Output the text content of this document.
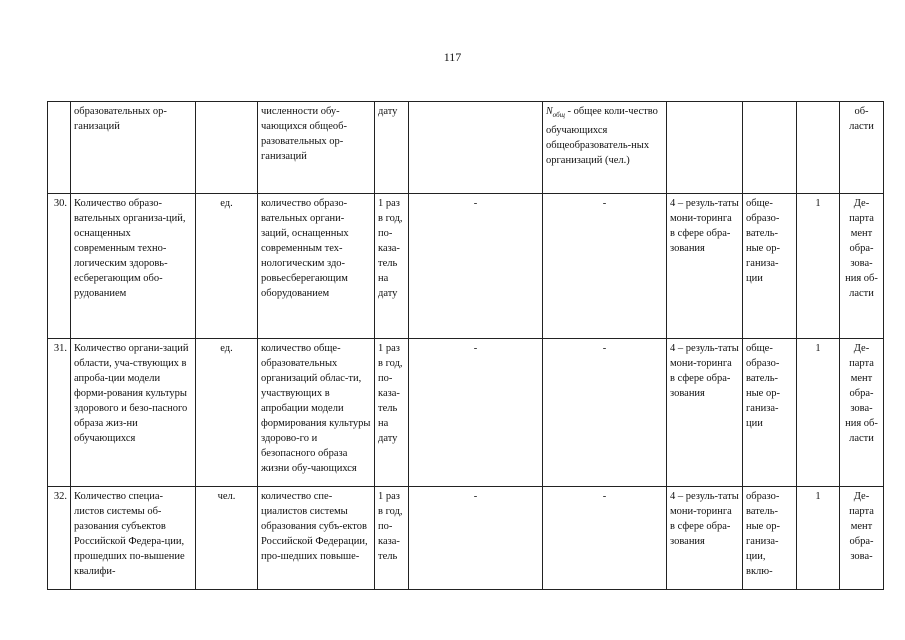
117
	образовательных ор-ганизаций		численности обу-чающихся общеоб-разовательных ор-ганизаций	дату		$N_{общ}$ - общее коли-чество обучающихся общеобразователь-ных организаций (чел.)				об-ласти
30.	Количество образо-вательных организа-ций, оснащенных современным техно-логическим здоровь-есберегающим обо-рудованием	ед.	количество образо-вательных органи-заций, оснащенных современным тех-нологическим здо-ровьесберегающим оборудованием	1 раз в год, по-каза-тель на дату	-	-	4 – резуль-таты мони-торинга в сфере обра-зования	обще-образо-ватель-ные ор-ганиза-ции	1	Де-парта мент обра-зова-ния об-ласти
31.	Количество органи-заций области, уча-ствующих в апроба-ции модели форми-рования культуры здорового и безо-пасного образа жиз-ни обучающихся	ед.	количество обще-образовательных организаций облас-ти, участвующих в апробации модели формирования культуры здорово-го и безопасного образа жизни обу-чающихся	1 раз в год, по-каза-тель на дату	-	-	4 – резуль-таты мони-торинга в сфере обра-зования	обще-образо-ватель-ные ор-ганиза-ции	1	Де-парта мент обра-зова-ния об-ласти
32.	Количество специа-листов системы об-разования субъектов Российской Федера-ции, прошедших по-вышение квалифи-	чел.	количество спе-циалистов системы образования субъ-ектов Российской Федерации, про-шедших повыше-	1 раз в год, по-каза-тель	-	-	4 – резуль-таты мони-торинга в сфере обра-зования	образо-ватель-ные ор-ганиза-ции, вклю-	1	Де-парта мент обра-зова-
